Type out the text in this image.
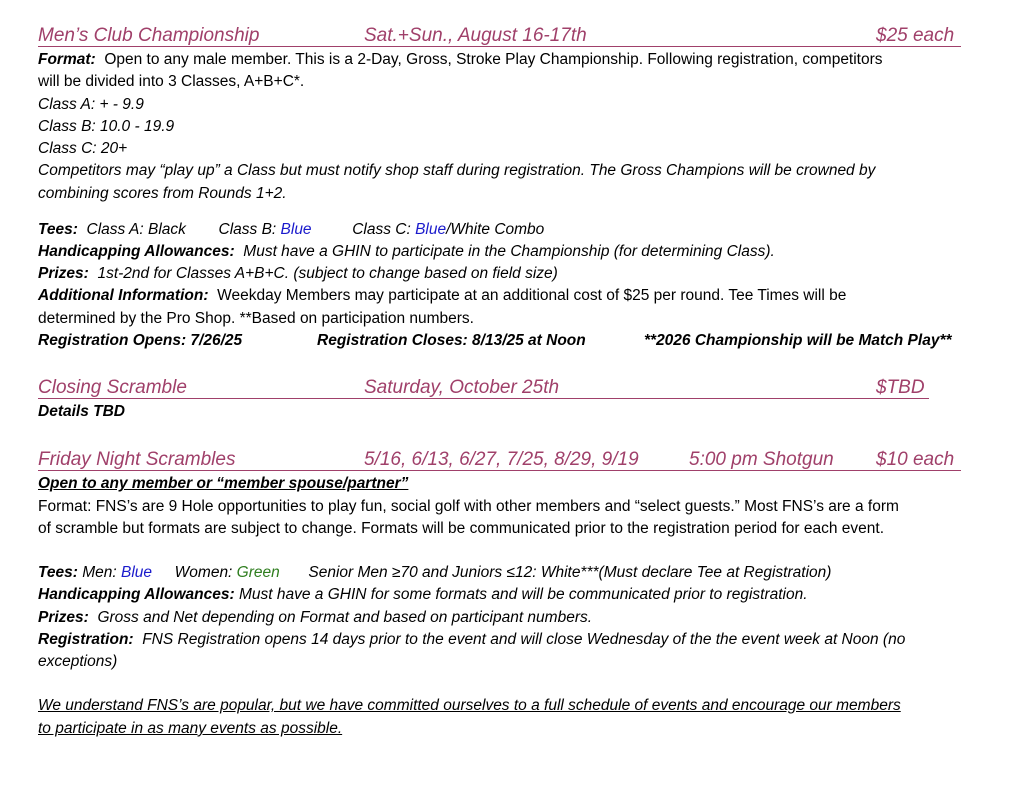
Men’s Club Championship	Sat.+Sun., August 16-17th	$25 each
Format: Open to any male member. This is a 2-Day, Gross, Stroke Play Championship. Following registration, competitors
will be divided into 3 Classes, A+B+C*.
Class A: + - 9.9
Class B: 10.0 - 19.9
Class C: 20+
Competitors may “play up” a Class but must notify shop staff during registration. The Gross Champions will be crowned by
combining scores from Rounds 1+2.
Tees: Class A: Black Class B: Blue	Class C: Blue/White Combo
Handicapping Allowances: Must have a GHIN to participate in the Championship (for determining Class).
Prizes: 1st-2nd for Classes A+B+C. (subject to change based on field size)
Additional Information: Weekday Members may participate at an additional cost of $25 per round. Tee Times will be
determined by the Pro Shop. **Based on participation numbers.
Registration Opens: 7/26/25	Registration Closes: 8/13/25 at Noon	**2026 Championship will be Match Play**
Closing Scramble	Saturday, October 25th	$TBD
Details TBD
Friday Night Scrambles	5/16, 6/13, 6/27, 7/25, 8/29, 9/19	5:00 pm Shotgun $10 each
Open to any member or “member spouse/partner”
Format: FNS’s are 9 Hole opportunities to play fun, social golf with other members and “select guests.” Most FNS’s are a form
of scramble but formats are subject to change. Formats will be communicated prior to the registration period for each event.
Tees: Men: Blue Women: Green Senior Men ≥70 and Juniors ≤12: White***(Must declare Tee at Registration)
Handicapping Allowances: Must have a GHIN for some formats and will be communicated prior to registration.
Prizes: Gross and Net depending on Format and based on participant numbers.
Registration: FNS Registration opens 14 days prior to the event and will close Wednesday of the the event week at Noon (no
exceptions)
We understand FNS’s are popular, but we have committed ourselves to a full schedule of events and encourage our members
to participate in as many events as possible.
